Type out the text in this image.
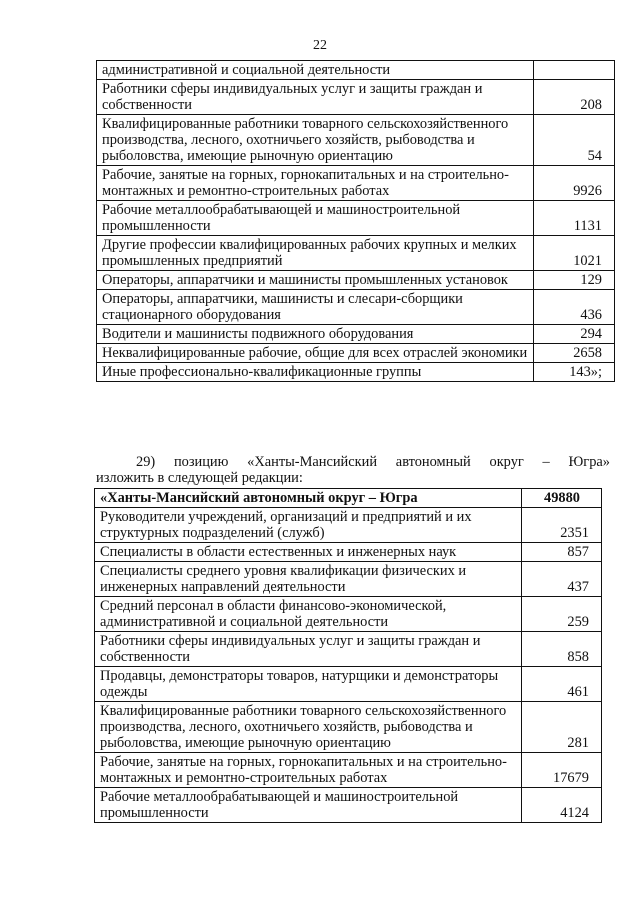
22
административной и социальной деятельности	
Работники сферы индивидуальных услуг и защиты граждан и собственности	208
Квалифицированные работники товарного сельскохозяйственного производства, лесного, охотничьего хозяйств, рыбоводства и рыболовства, имеющие рыночную ориентацию	54
Рабочие, занятые на горных, горнокапитальных и на строительно-монтажных и ремонтно-строительных работах	9926
Рабочие металлообрабатывающей и машиностроительной промышленности	1131
Другие профессии квалифицированных рабочих крупных и мелких промышленных предприятий	1021
Операторы, аппаратчики и машинисты промышленных установок	129
Операторы, аппаратчики, машинисты и слесари-сборщики стационарного оборудования	436
Водители и машинисты подвижного оборудования	294
Неквалифицированные рабочие, общие для всех отраслей экономики	2658
Иные профессионально-квалификационные группы	143»;
29) позицию «Ханты-Мансийский автономный округ – Югра»
изложить в следующей редакции:
«Ханты-Мансийский автономный округ – Югра	49880
Руководители учреждений, организаций и предприятий и их структурных подразделений (служб)	2351
Специалисты в области естественных и инженерных наук	857
Специалисты среднего уровня квалификации физических и инженерных направлений деятельности	437
Средний персонал в области финансово-экономической, административной и социальной деятельности	259
Работники сферы индивидуальных услуг и защиты граждан и собственности	858
Продавцы, демонстраторы товаров, натурщики и демонстраторы одежды	461
Квалифицированные работники товарного сельскохозяйственного производства, лесного, охотничьего хозяйств, рыбоводства и рыболовства, имеющие рыночную ориентацию	281
Рабочие, занятые на горных, горнокапитальных и на строительно-монтажных и ремонтно-строительных работах	17679
Рабочие металлообрабатывающей и машиностроительной промышленности	4124
